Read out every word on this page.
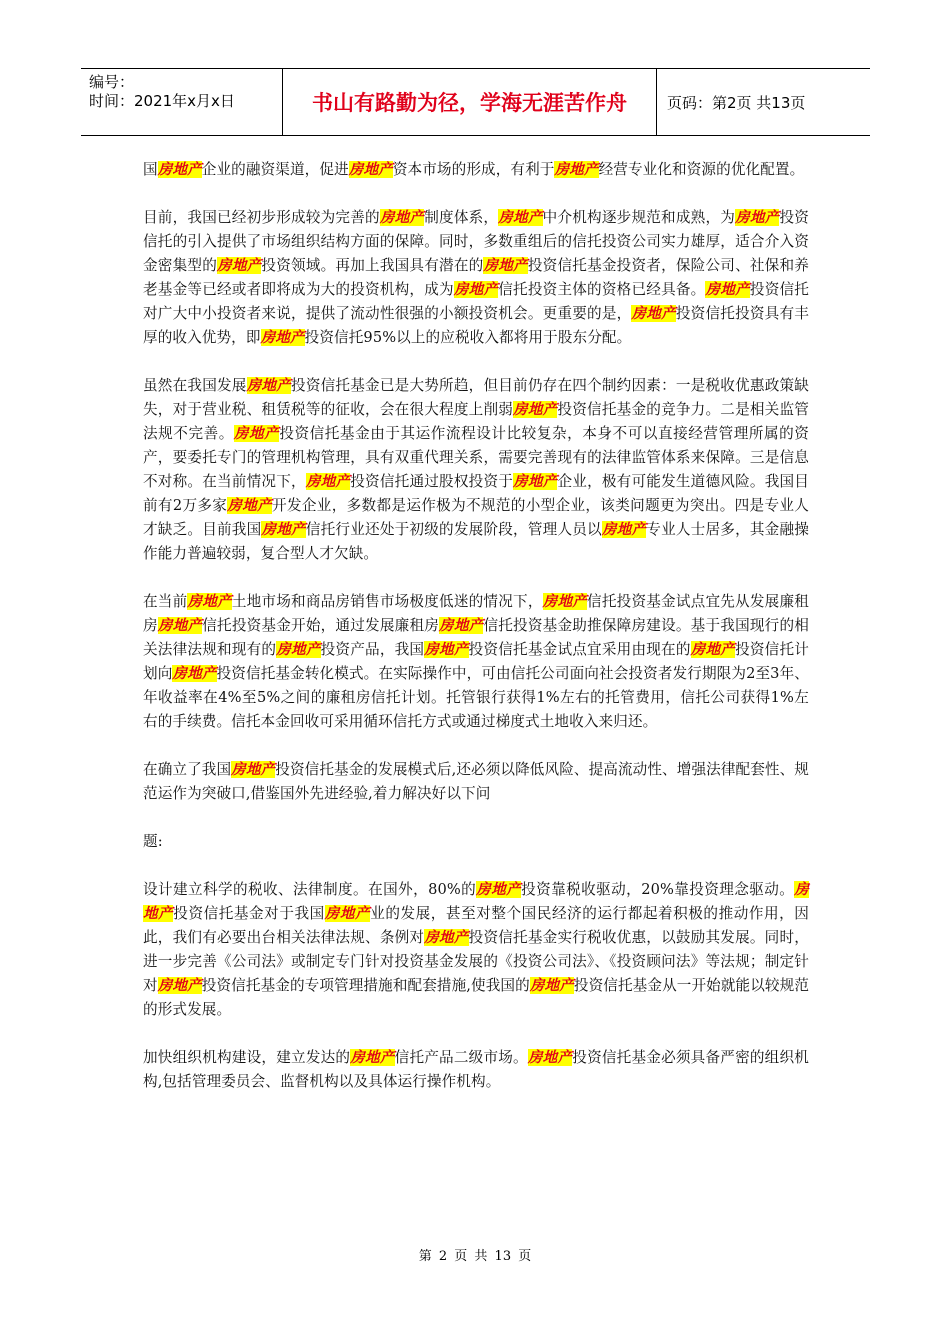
编号：
时间：2021年x月x日	书山有路勤为径，学海无涯苦作舟	页码：第2页 共13页

国房地产企业的融资渠道，促进房地产资本市场的形成，有利于房地产经营专业化和资源的优化配置。

目前，我国已经初步形成较为完善的房地产制度体系，房地产中介机构逐步规范和成熟，为房地产投资信托的引入提供了市场组织结构方面的保障。同时，多数重组后的信托投资公司实力雄厚，适合介入资金密集型的房地产投资领域。再加上我国具有潜在的房地产投资信托基金投资者，保险公司、社保和养老基金等已经或者即将成为大的投资机构，成为房地产信托投资主体的资格已经具备。房地产投资信托对广大中小投资者来说，提供了流动性很强的小额投资机会。更重要的是，房地产投资信托投资具有丰厚的收入优势，即房地产投资信托95%以上的应税收入都将用于股东分配。

虽然在我国发展房地产投资信托基金已是大势所趋，但目前仍存在四个制约因素：一是税收优惠政策缺失，对于营业税、租赁税等的征收，会在很大程度上削弱房地产投资信托基金的竞争力。二是相关监管法规不完善。房地产投资信托基金由于其运作流程设计比较复杂，本身不可以直接经营管理所属的资产，要委托专门的管理机构管理，具有双重代理关系，需要完善现有的法律监管体系来保障。三是信息不对称。在当前情况下，房地产投资信托通过股权投资于房地产企业，极有可能发生道德风险。我国目前有2万多家房地产开发企业，多数都是运作极为不规范的小型企业，该类问题更为突出。四是专业人才缺乏。目前我国房地产信托行业还处于初级的发展阶段，管理人员以房地产专业人士居多，其金融操作能力普遍较弱，复合型人才欠缺。

在当前房地产土地市场和商品房销售市场极度低迷的情况下，房地产信托投资基金试点宜先从发展廉租房房地产信托投资基金开始，通过发展廉租房房地产信托投资基金助推保障房建设。基于我国现行的相关法律法规和现有的房地产投资产品，我国房地产投资信托基金试点宜采用由现在的房地产投资信托计划向房地产投资信托基金转化模式。在实际操作中，可由信托公司面向社会投资者发行期限为2至3年、年收益率在4%至5%之间的廉租房信托计划。托管银行获得1%左右的托管费用，信托公司获得1%左右的手续费。信托本金回收可采用循环信托方式或通过梯度式土地收入来归还。

在确立了我国房地产投资信托基金的发展模式后,还必须以降低风险、提高流动性、增强法律配套性、规范运作为突破口,借鉴国外先进经验,着力解决好以下问

题:

设计建立科学的税收、法律制度。在国外，80%的房地产投资靠税收驱动，20%靠投资理念驱动。房地产投资信托基金对于我国房地产业的发展，甚至对整个国民经济的运行都起着积极的推动作用，因此，我们有必要出台相关法律法规、条例对房地产投资信托基金实行税收优惠，以鼓励其发展。同时，进一步完善《公司法》或制定专门针对投资基金发展的《投资公司法》、《投资顾问法》等法规；制定针对房地产投资信托基金的专项管理措施和配套措施,使我国的房地产投资信托基金从一开始就能以较规范的形式发展。

加快组织机构建设，建立发达的房地产信托产品二级市场。房地产投资信托基金必须具备严密的组织机构,包括管理委员会、监督机构以及具体运行操作机构。

第 2 页 共 13 页
